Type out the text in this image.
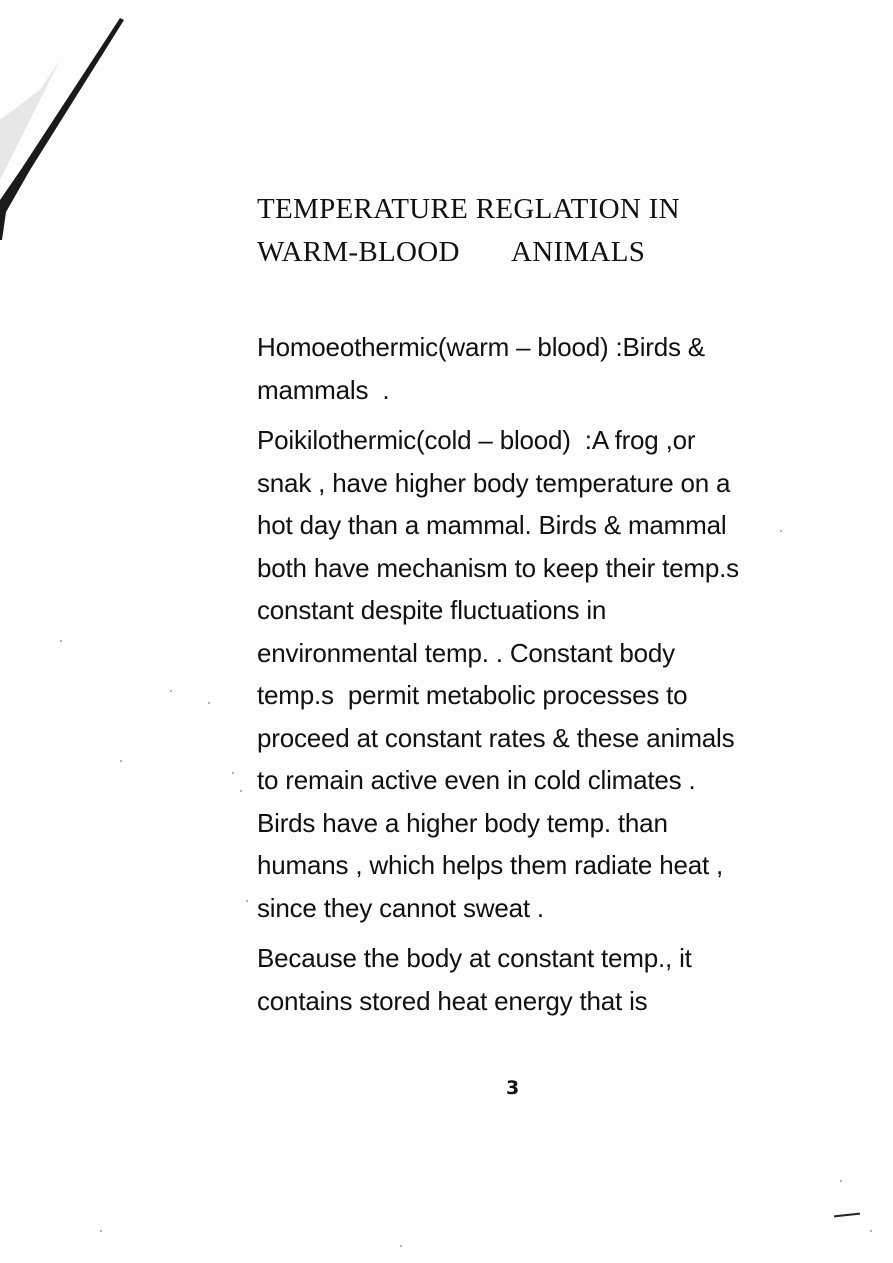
TEMPERATURE REGLATION IN
WARM-BLOOD       ANIMALS

Homoeothermic(warm – blood) :Birds &
mammals  .

Poikilothermic(cold – blood)  :A frog ,or
snak , have higher body temperature on a
hot day than a mammal. Birds & mammal
both have mechanism to keep their temp.s
constant despite fluctuations in
environmental temp. . Constant body
temp.s  permit metabolic processes to
proceed at constant rates & these animals
to remain active even in cold climates .
Birds have a higher body temp. than
humans , which helps them radiate heat ,
since they cannot sweat .

Because the body at constant temp., it
contains stored heat energy that is

3
